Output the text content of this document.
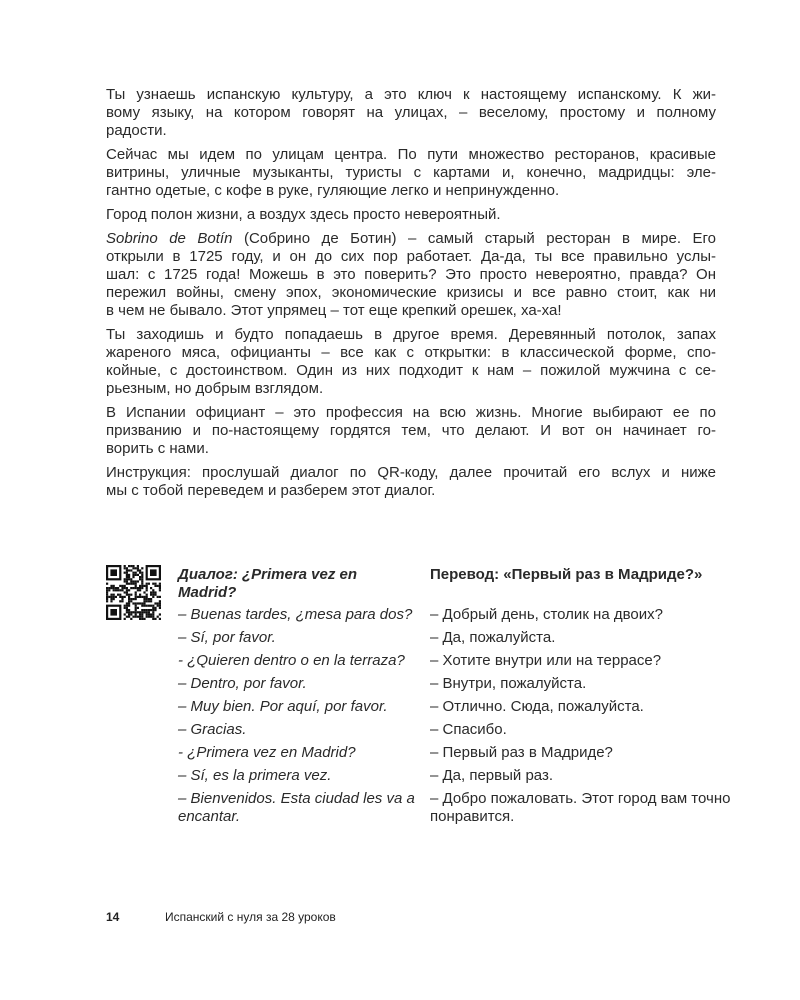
Ты узнаешь испанскую культуру, а это ключ к настоящему испанскому. К жи-
вому языку, на котором говорят на улицах, – веселому, простому и полному
радости.
Сейчас мы идем по улицам центра. По пути множество ресторанов, красивые
витрины, уличные музыканты, туристы с картами и, конечно, мадридцы: эле-
гантно одетые, с кофе в руке, гуляющие легко и непринужденно.
Город полон жизни, а воздух здесь просто невероятный.
Sobrino de Botín (Собрино де Ботин) – самый старый ресторан в мире. Его
открыли в 1725 году, и он до сих пор работает. Да-да, ты все правильно услы-
шал: с 1725 года! Можешь в это поверить? Это просто невероятно, правда? Он
пережил войны, смену эпох, экономические кризисы и все равно стоит, как ни
в чем не бывало. Этот упрямец – тот еще крепкий орешек, ха-ха!
Ты заходишь и будто попадаешь в другое время. Деревянный потолок, запах
жареного мяса, официанты – все как с открытки: в классической форме, спо-
койные, с достоинством. Один из них подходит к нам – пожилой мужчина с се-
рьезным, но добрым взглядом.
В Испании официант – это профессия на всю жизнь. Многие выбирают ее по
призванию и по-настоящему гордятся тем, что делают. И вот он начинает го-
ворить с нами.
Инструкция: прослушай диалог по QR-коду, далее прочитай его вслух и ниже
мы с тобой переведем и разберем этот диалог.
Диалог: ¿Primera vez en Madrid?
– Buenas tardes, ¿mesa para dos?
– Sí, por favor.
- ¿Quieren dentro o en la terraza?
– Dentro, por favor.
– Muy bien. Por aquí, por favor.
– Gracias.
- ¿Primera vez en Madrid?
– Sí, es la primera vez.
– Bienvenidos. Esta ciudad les va a encantar.
Перевод: «Первый раз в Мадриде?»
– Добрый день, столик на двоих?
– Да, пожалуйста.
– Хотите внутри или на террасе?
– Внутри, пожалуйста.
– Отлично. Сюда, пожалуйста.
– Спасибо.
– Первый раз в Мадриде?
– Да, первый раз.
– Добро пожаловать. Этот город вам точно понравится.
14	Испанский с нуля за 28 уроков
